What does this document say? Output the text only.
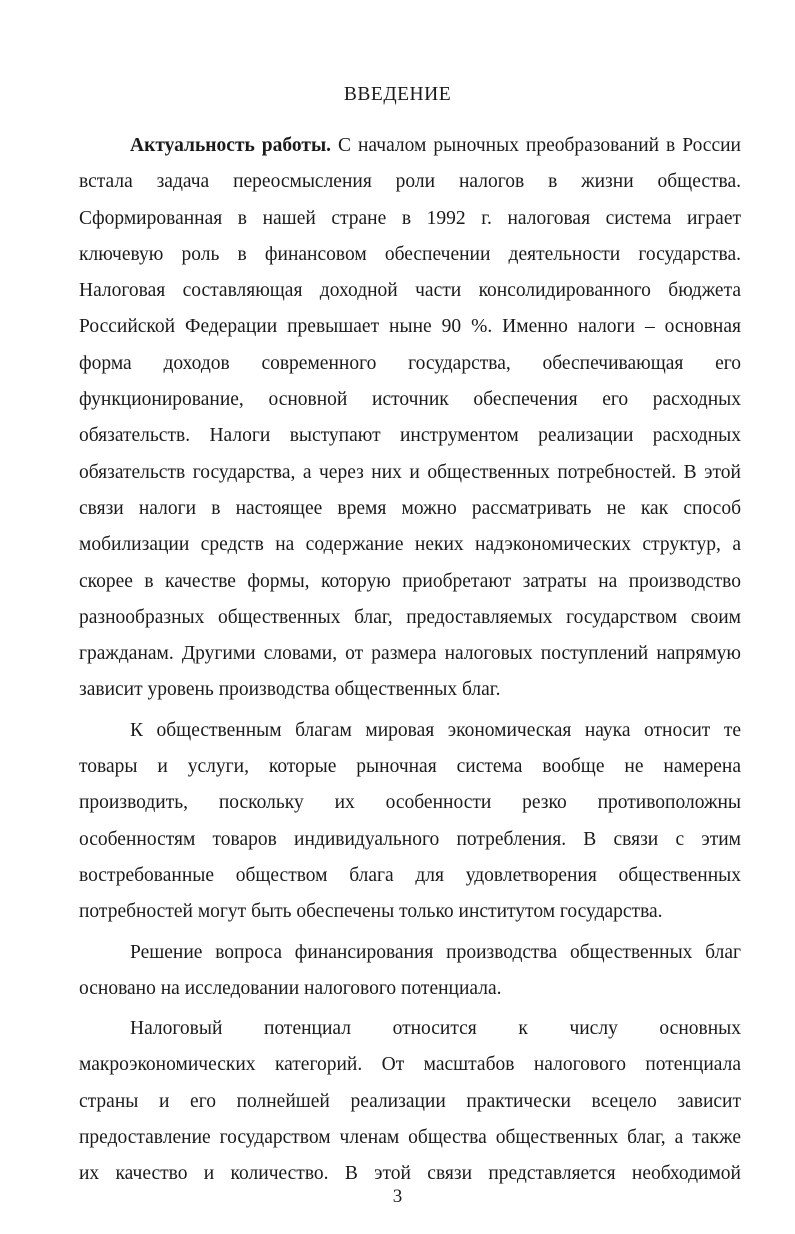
ВВЕДЕНИЕ
Актуальность работы. С началом рыночных преобразований в России
встала задача переосмысления роли налогов в жизни общества.
Сформированная в нашей стране в 1992 г. налоговая система играет
ключевую роль в финансовом обеспечении деятельности государства.
Налоговая составляющая доходной части консолидированного бюджета
Российской Федерации превышает ныне 90 %. Именно налоги – основная
форма доходов современного государства, обеспечивающая его
функционирование, основной источник обеспечения его расходных
обязательств. Налоги выступают инструментом реализации расходных
обязательств государства, а через них и общественных потребностей. В этой
связи налоги в настоящее время можно рассматривать не как способ
мобилизации средств на содержание неких надэкономических структур, а
скорее в качестве формы, которую приобретают затраты на производство
разнообразных общественных благ, предоставляемых государством своим
гражданам. Другими словами, от размера налоговых поступлений напрямую
зависит уровень производства общественных благ.
К общественным благам мировая экономическая наука относит те
товары и услуги, которые рыночная система вообще не намерена
производить, поскольку их особенности резко противоположны
особенностям товаров индивидуального потребления. В связи с этим
востребованные обществом блага для удовлетворения общественных
потребностей могут быть обеспечены только институтом государства.
Решение вопроса финансирования производства общественных благ
основано на исследовании налогового потенциала.
Налоговый потенциал относится к числу основных
макроэкономических категорий. От масштабов налогового потенциала
страны и его полнейшей реализации практически всецело зависит
предоставление государством членам общества общественных благ, а также
их качество и количество. В этой связи представляется необходимой
3
